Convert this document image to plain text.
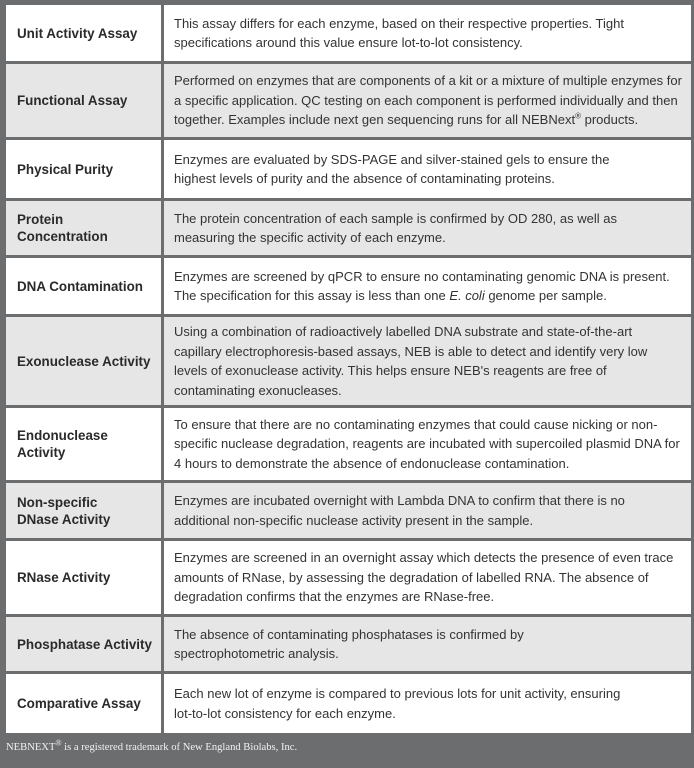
Unit Activity Assay
This assay differs for each enzyme, based on their respective properties. Tight specifications around this value ensure lot-to-lot consistency.
Functional Assay
Performed on enzymes that are components of a kit or a mixture of multiple enzymes for a specific application. QC testing on each component is performed individually and then together. Examples include next gen sequencing runs for all NEBNext® products.
Physical Purity
Enzymes are evaluated by SDS-PAGE and silver-stained gels to ensure the highest levels of purity and the absence of contaminating proteins.
Protein Concentration
The protein concentration of each sample is confirmed by OD 280, as well as measuring the specific activity of each enzyme.
DNA Contamination
Enzymes are screened by qPCR to ensure no contaminating genomic DNA is present. The specification for this assay is less than one E. coli genome per sample.
Exonuclease Activity
Using a combination of radioactively labelled DNA substrate and state-of-the-art capillary electrophoresis-based assays, NEB is able to detect and identify very low levels of exonuclease activity. This helps ensure NEB's reagents are free of contaminating exonucleases.
Endonuclease Activity
To ensure that there are no contaminating enzymes that could cause nicking or non-specific nuclease degradation, reagents are incubated with supercoiled plasmid DNA for 4 hours to demonstrate the absence of endonuclease contamination.
Non-specific DNase Activity
Enzymes are incubated overnight with Lambda DNA to confirm that there is no additional non-specific nuclease activity present in the sample.
RNase Activity
Enzymes are screened in an overnight assay which detects the presence of even trace amounts of RNase, by assessing the degradation of labelled RNA. The absence of degradation confirms that the enzymes are RNase-free.
Phosphatase Activity
The absence of contaminating phosphatases is confirmed by spectrophotometric analysis.
Comparative Assay
Each new lot of enzyme is compared to previous lots for unit activity, ensuring lot-to-lot consistency for each enzyme.
NEBNEXT® is a registered trademark of New England Biolabs, Inc.
